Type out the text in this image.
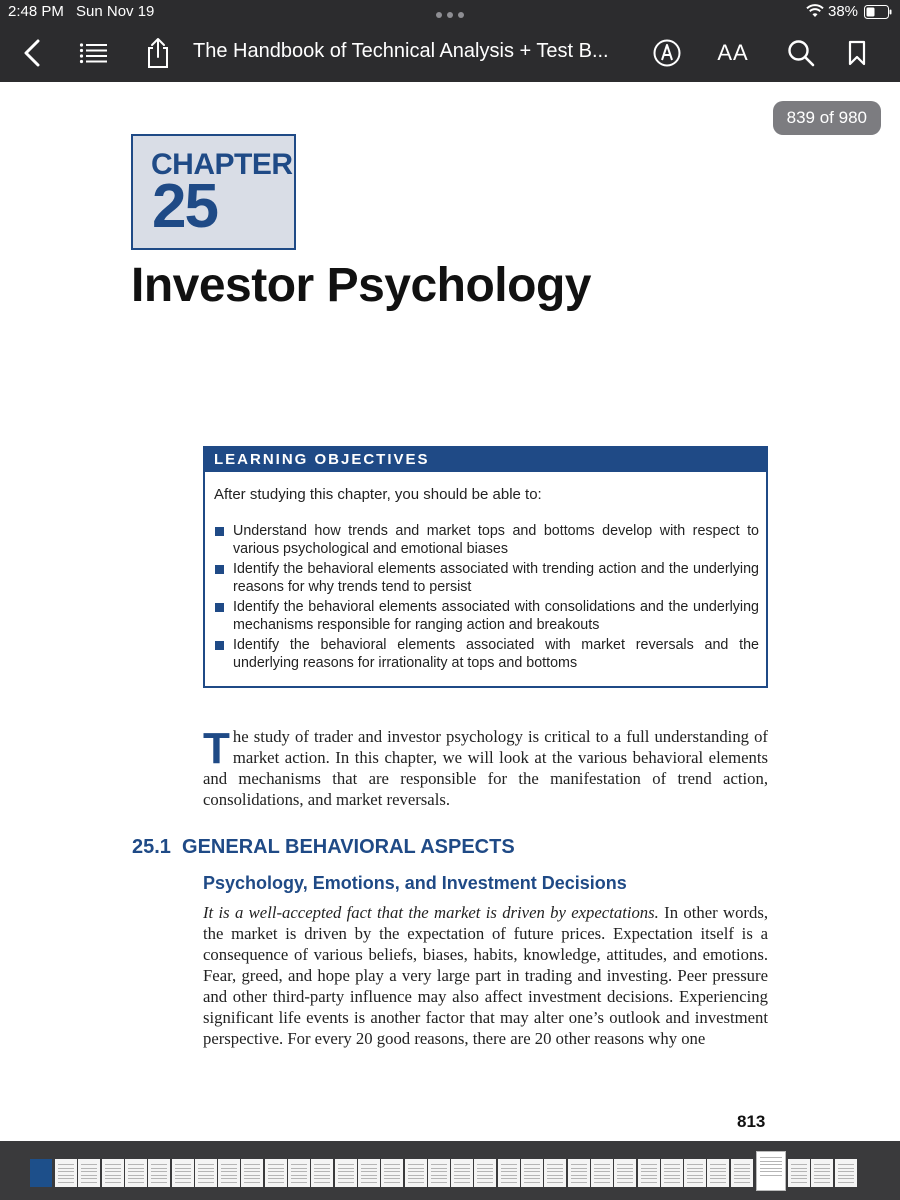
2:48 PM Sun Nov 19	38%
The Handbook of Technical Analysis + Test B...	AA
839 of 980
CHAPTER
25
Investor Psychology
LEARNING OBJECTIVES
After studying this chapter, you should be able to:
Understand how trends and market tops and bottoms develop with respect to various psychological and emotional biases
Identify the behavioral elements associated with trending action and the underlying reasons for why trends tend to persist
Identify the behavioral elements associated with consolidations and the underlying mechanisms responsible for ranging action and breakouts
Identify the behavioral elements associated with market reversals and the underlying reasons for irrationality at tops and bottoms
The study of trader and investor psychology is critical to a full understanding of market action. In this chapter, we will look at the various behavioral elements and mechanisms that are responsible for the manifestation of trend action, consolidations, and market reversals.
25.1  GENERAL BEHAVIORAL ASPECTS
Psychology, Emotions, and Investment Decisions
It is a well-accepted fact that the market is driven by expectations. In other words, the market is driven by the expectation of future prices. Expectation itself is a consequence of various beliefs, biases, habits, knowledge, attitudes, and emotions. Fear, greed, and hope play a very large part in trading and investing. Peer pressure and other third-party influence may also affect investment decisions. Experiencing significant life events is another factor that may alter one’s outlook and investment perspective. For every 20 good reasons, there are 20 other reasons why one
813
